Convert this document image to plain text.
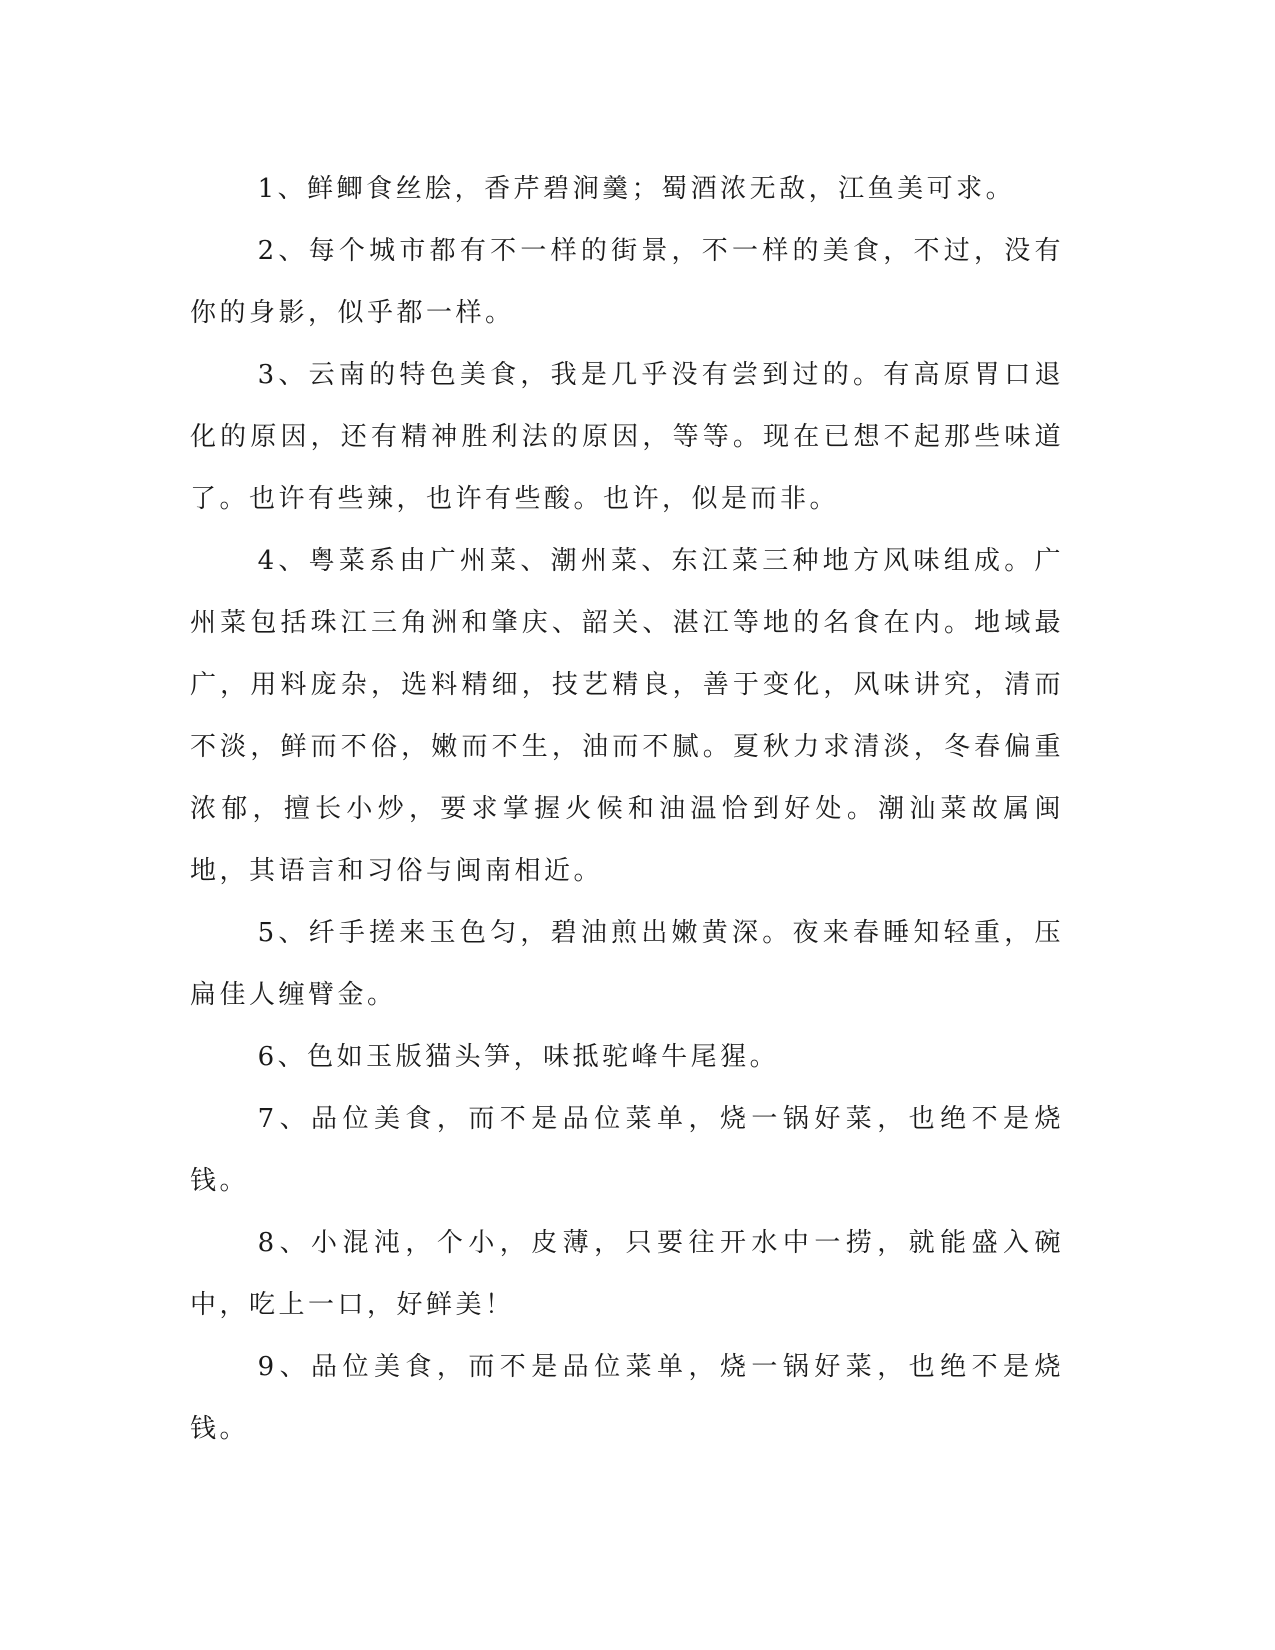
1、鲜鲫食丝脍，香芹碧涧羹；蜀酒浓无敌，江鱼美可求。

2、每个城市都有不一样的街景，不一样的美食，不过，没有你的身影，似乎都一样。

3、云南的特色美食，我是几乎没有尝到过的。有高原胃口退化的原因，还有精神胜利法的原因，等等。现在已想不起那些味道了。也许有些辣，也许有些酸。也许，似是而非。

4、粤菜系由广州菜、潮州菜、东江菜三种地方风味组成。广州菜包括珠江三角洲和肇庆、韶关、湛江等地的名食在内。地域最广，用料庞杂，选料精细，技艺精良，善于变化，风味讲究，清而不淡，鲜而不俗，嫩而不生，油而不腻。夏秋力求清淡，冬春偏重浓郁，擅长小炒，要求掌握火候和油温恰到好处。潮汕菜故属闽地，其语言和习俗与闽南相近。

5、纤手搓来玉色匀，碧油煎出嫩黄深。夜来春睡知轻重，压扁佳人缠臂金。

6、色如玉版猫头笋，味抵驼峰牛尾猩。

7、品位美食，而不是品位菜单，烧一锅好菜，也绝不是烧钱。

8、小混沌，个小，皮薄，只要往开水中一捞，就能盛入碗中，吃上一口，好鲜美！

9、品位美食，而不是品位菜单，烧一锅好菜，也绝不是烧钱。
